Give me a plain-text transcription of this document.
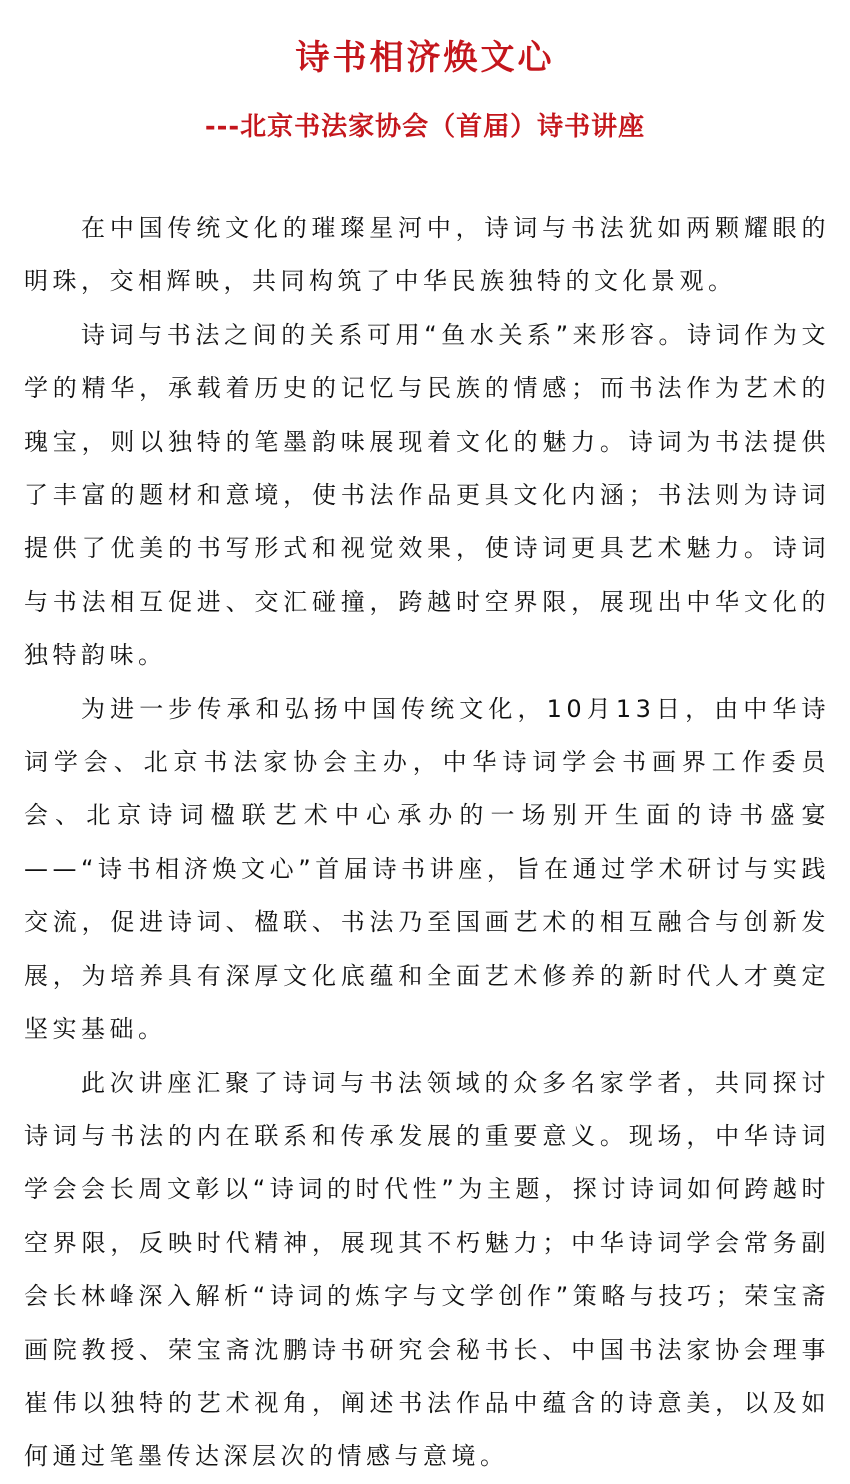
诗书相济焕文心
---北京书法家协会（首届）诗书讲座

在中国传统文化的璀璨星河中，诗词与书法犹如两颗耀眼的明珠，交相辉映，共同构筑了中华民族独特的文化景观。

诗词与书法之间的关系可用“鱼水关系”来形容。诗词作为文学的精华，承载着历史的记忆与民族的情感；而书法作为艺术的瑰宝，则以独特的笔墨韵味展现着文化的魅力。诗词为书法提供了丰富的题材和意境，使书法作品更具文化内涵；书法则为诗词提供了优美的书写形式和视觉效果，使诗词更具艺术魅力。诗词与书法相互促进、交汇碰撞，跨越时空界限，展现出中华文化的独特韵味。

为进一步传承和弘扬中国传统文化，10月13日，由中华诗词学会、北京书法家协会主办，中华诗词学会书画界工作委员会、北京诗词楹联艺术中心承办的一场别开生面的诗书盛宴——“诗书相济焕文心”首届诗书讲座，旨在通过学术研讨与实践交流，促进诗词、楹联、书法乃至国画艺术的相互融合与创新发展，为培养具有深厚文化底蕴和全面艺术修养的新时代人才奠定坚实基础。

此次讲座汇聚了诗词与书法领域的众多名家学者，共同探讨诗词与书法的内在联系和传承发展的重要意义。现场，中华诗词学会会长周文彰以“诗词的时代性”为主题，探讨诗词如何跨越时空界限，反映时代精神，展现其不朽魅力；中华诗词学会常务副会长林峰深入解析“诗词的炼字与文学创作”策略与技巧；荣宝斋画院教授、荣宝斋沈鹏诗书研究会秘书长、中国书法家协会理事崔伟以独特的艺术视角，阐述书法作品中蕴含的诗意美，以及如何通过笔墨传达深层次的情感与意境。
